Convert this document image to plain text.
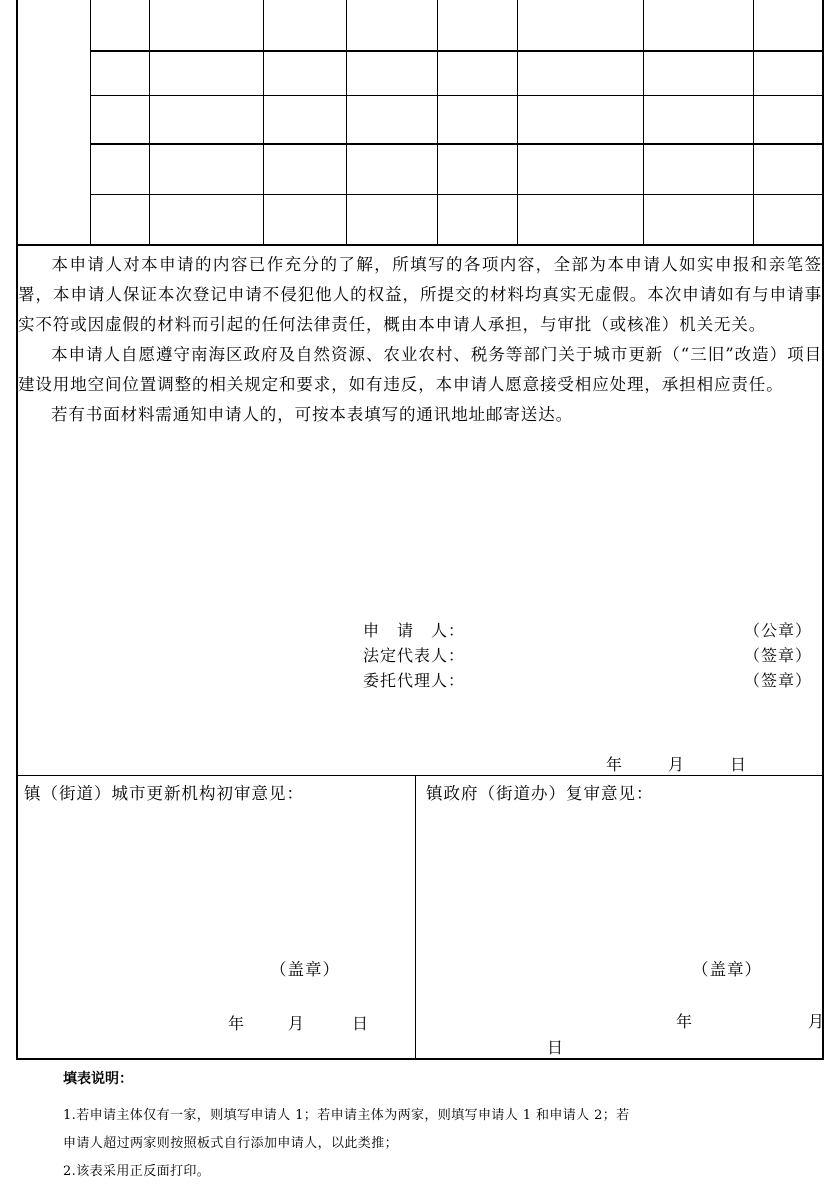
本申请人对本申请的内容已作充分的了解，所填写的各项内容，全部为本申请人如实申报和亲笔签署，本申请人保证本次登记申请不侵犯他人的权益，所提交的材料均真实无虚假。本次申请如有与申请事实不符或因虚假的材料而引起的任何法律责任，概由本申请人承担，与审批（或核准）机关无关。

本申请人自愿遵守南海区政府及自然资源、农业农村、税务等部门关于城市更新（“三旧”改造）项目建设用地空间位置调整的相关规定和要求，如有违反，本申请人愿意接受相应处理，承担相应责任。

若有书面材料需通知申请人的，可按本表填写的通讯地址邮寄送达。

申　请　人：	（公章）
法定代表人：	（签章）
委托代理人：	（签章）
年	月	日
镇（街道）城市更新机构初审意见：
（盖章）
年	月	日
镇政府（街道办）复审意见：
（盖章）
年	月
日
填表说明：

1.若申请主体仅有一家，则填写申请人 1；若申请主体为两家，则填写申请人 1 和申请人 2；若

申请人超过两家则按照板式自行添加申请人，以此类推；

2.该表采用正反面打印。
